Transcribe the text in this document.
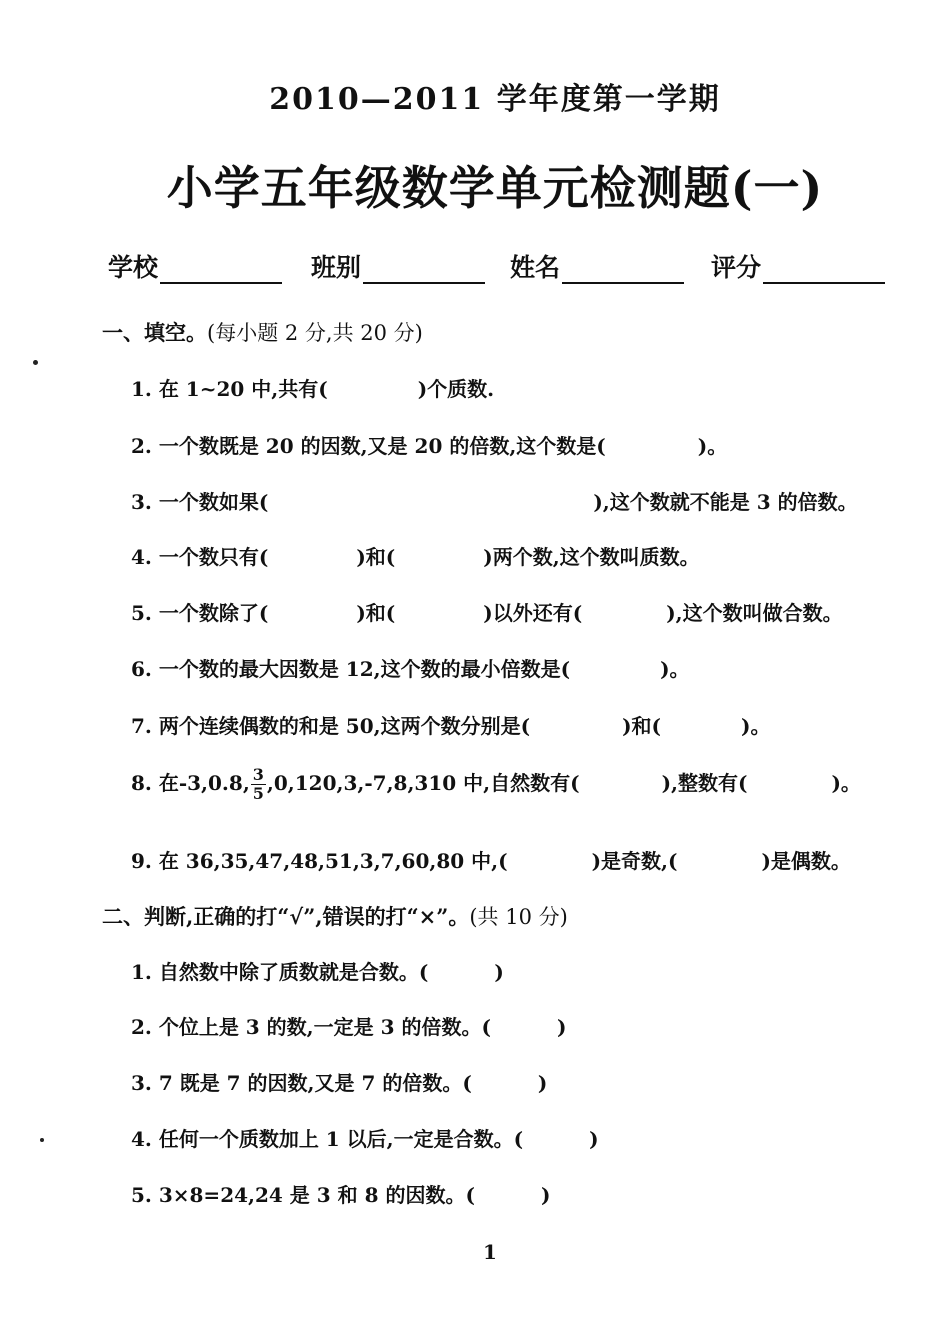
2010—2011 学年度第一学期
小学五年级数学单元检测题(一)
学校	班别	姓名	评分
一、填空。(每小题 2 分,共 20 分)
1. 在 1~20 中,共有(	)个质数.
2. 一个数既是 20 的因数,又是 20 的倍数,这个数是(	)。
3. 一个数如果(	),这个数就不能是 3 的倍数。
4. 一个数只有(	)和(	)两个数,这个数叫质数。
5. 一个数除了(	)和(	)以外还有(	),这个数叫做合数。
6. 一个数的最大因数是 12,这个数的最小倍数是(	)。
7. 两个连续偶数的和是 50,这两个数分别是(	)和(	)。
8. 在-3,0.8, $\frac{3}{5} ,0,120,3,-7,8,310$ 中,自然数有(	),整数有(	)。
9. 在 36,35,47,48,51,3,7,60,80 中,(	)是奇数,(	)是偶数。
二、判断,正确的打“√”,错误的打“×”。(共 10 分)
1. 自然数中除了质数就是合数。(	)
2. 个位上是 3 的数,一定是 3 的倍数。(	)
3. 7 既是 7 的因数,又是 7 的倍数。(	)
4. 任何一个质数加上 1 以后,一定是合数。(	)
5. 3×8=24,24 是 3 和 8 的因数。(	)
1
